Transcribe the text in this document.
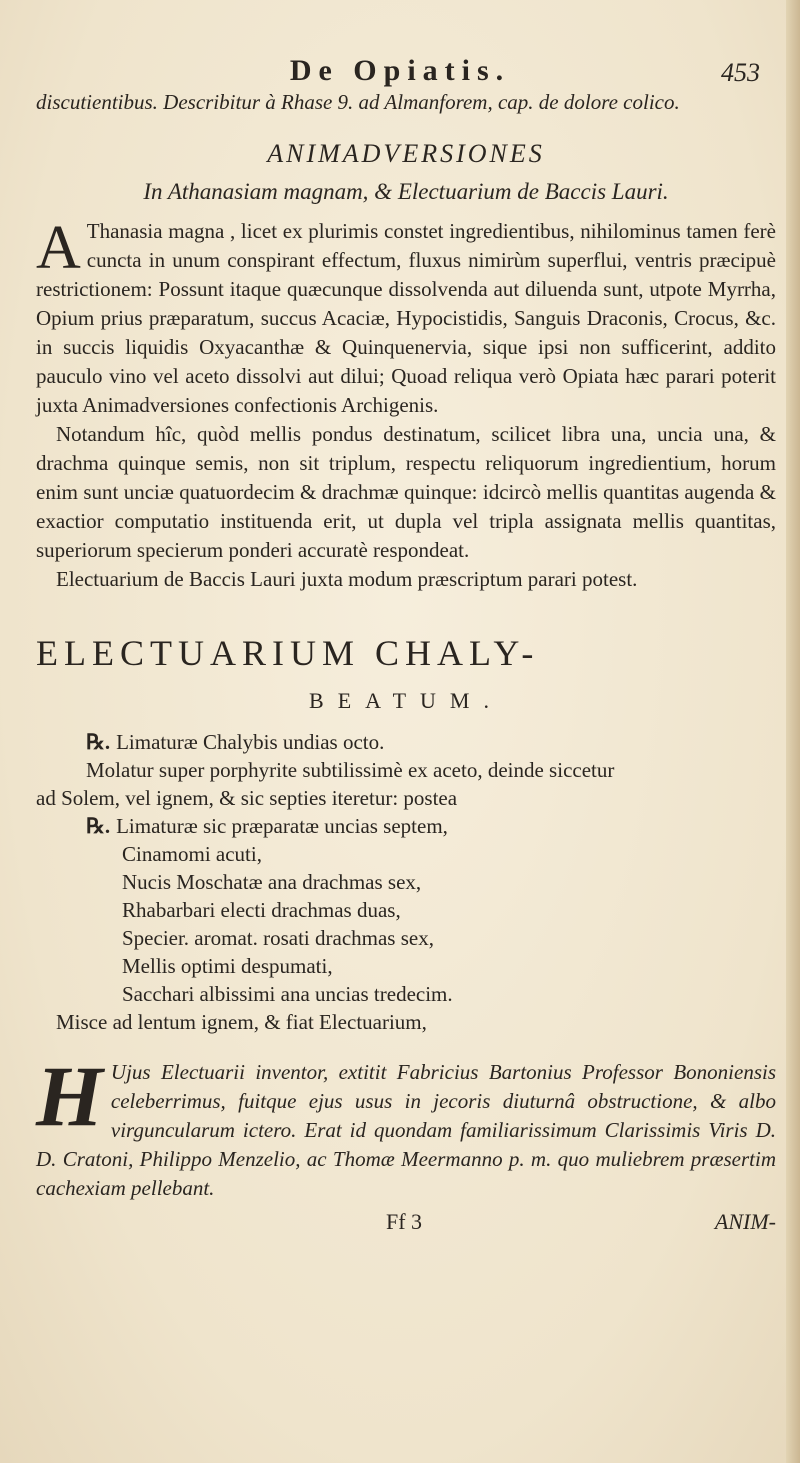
De Opiatis.	453

discutientibus. Describitur à Rhase 9. ad Almanforem, cap. de dolore colico.

ANIMADVERSIONES
In Athanasiam magnam, & Electuarium de Baccis Lauri.

A Thanasia magna , licet ex plurimis constet ingredientibus, nihilominus tamen ferè cuncta in unum conspirant effectum, fluxus nimirùm superflui, ventris præcipuè restrictionem: Possunt itaque quæcunque dissolvenda aut diluenda sunt, utpote Myrrha, Opium prius præparatum, succus Acaciæ, Hypocistidis, Sanguis Draconis, Crocus, &c. in succis liquidis Oxyacanthæ & Quinquenervia, sique ipsi non sufficerint, addito pauculo vino vel aceto dissolvi aut dilui; Quoad reliqua verò Opiata hæc parari poterit juxta Animadversiones confectionis Archigenis.

Notandum hîc, quòd mellis pondus destinatum, scilicet libra una, uncia una, & drachma quinque semis, non sit triplum, respectu reliquorum ingredientium, horum enim sunt unciæ quatuordecim & drachmæ quinque: idcircò mellis quantitas augenda & exactior computatio instituenda erit, ut dupla vel tripla assignata mellis quantitas, superiorum specierum ponderi accuratè respondeat.

Electuarium de Baccis Lauri juxta modum præscriptum parari potest.

ELECTUARIUM CHALY-
BEATUM.
℞. Limaturæ Chalybis undias octo.
Molatur super porphyrite subtilissimè ex aceto, deinde siccetur
ad Solem, vel ignem, & sic septies iteretur: postea
℞. Limaturæ sic præparatæ uncias septem,
Cinamomi acuti,
Nucis Moschatæ ana drachmas sex,
Rhabarbari electi drachmas duas,
Specier. aromat. rosati drachmas sex,
Mellis optimi despumati,
Sacchari albissimi ana uncias tredecim.
Misce ad lentum ignem, & fiat Electuarium,

H Ujus Electuarii inventor, extitit Fabricius Bartonius Professor Bononiensis celeberrimus, fuitque ejus usus in jecoris diuturnâ obstructione, & albo virguncularum ictero. Erat id quondam familiarissimum Clarissimis Viris D. D. Cratoni, Philippo Menzelio, ac Thomæ Meermanno p. m. quo muliebrem præsertim cachexiam pellebant.

Ff 3	ANIM-
